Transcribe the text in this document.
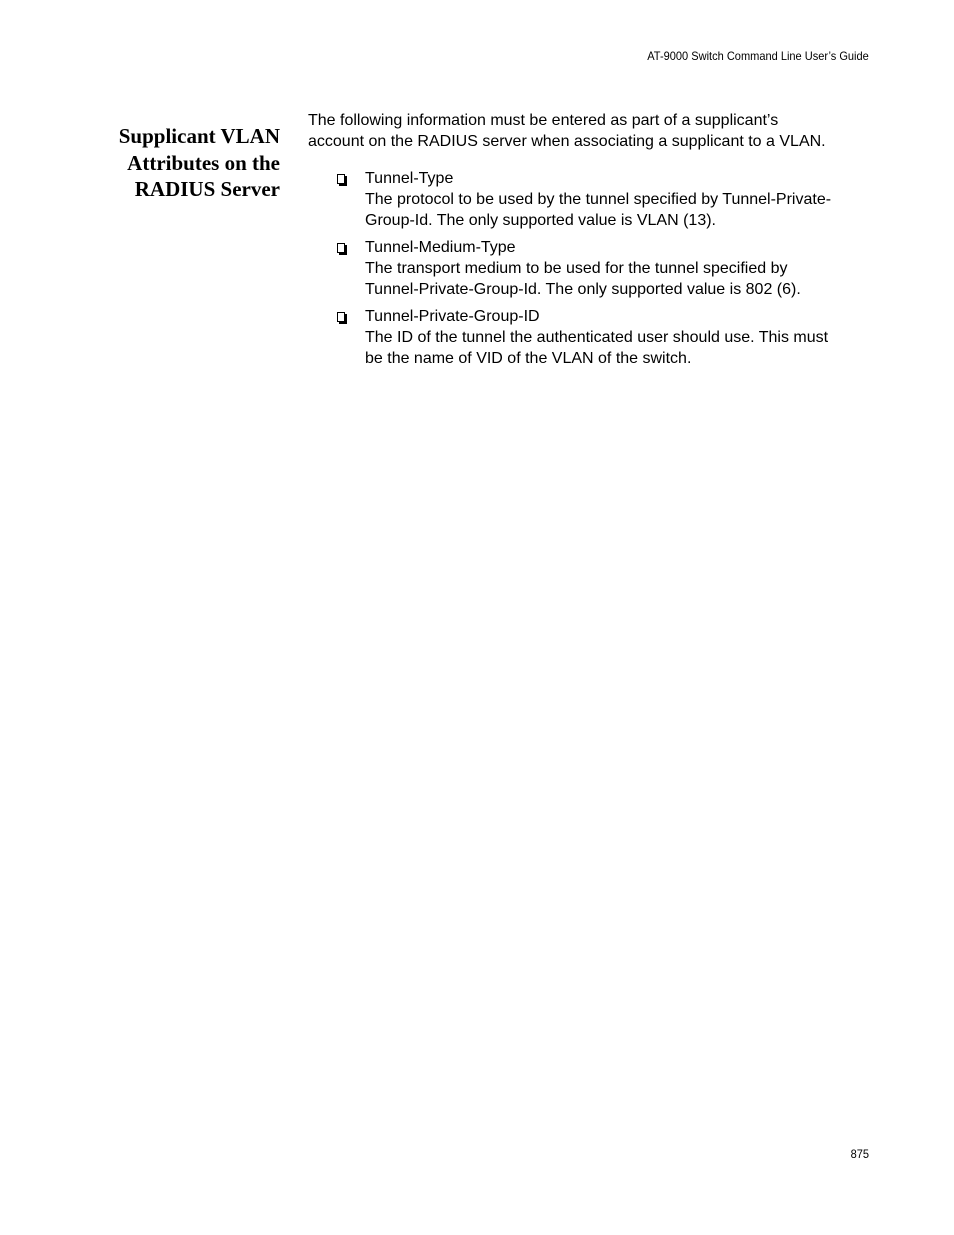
AT-9000 Switch Command Line User’s Guide
Supplicant VLAN
Attributes on the
RADIUS Server

The following information must be entered as part of a supplicant’s

account on the RADIUS server when associating a supplicant to a VLAN.

Tunnel-Type
The protocol to be used by the tunnel specified by Tunnel-Private-
Group-Id. The only supported value is VLAN (13).
Tunnel-Medium-Type
The transport medium to be used for the tunnel specified by
Tunnel-Private-Group-Id. The only supported value is 802 (6).
Tunnel-Private-Group-ID
The ID of the tunnel the authenticated user should use. This must
be the name of VID of the VLAN of the switch.
875
